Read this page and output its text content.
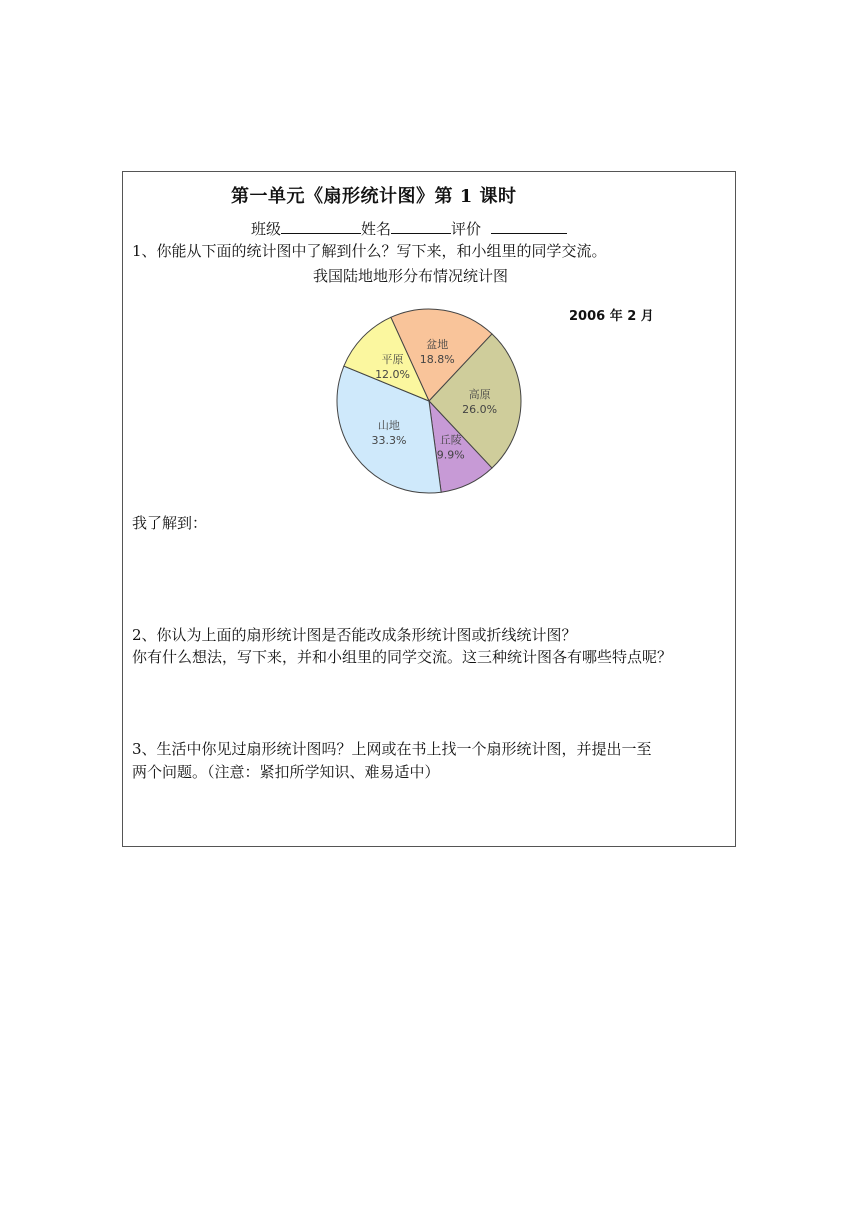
第一单元《扇形统计图》第 1 课时
班级	姓名	评价
1、你能从下面的统计图中了解到什么？写下来，和小组里的同学交流。
我国陆地地形分布情况统计图
2006 年 2 月
盆地
18.8%
高原
26.0%
丘陵
9.9%
山地
33.3%
平原
12.0%
我了解到：
2、你认为上面的扇形统计图是否能改成条形统计图或折线统计图？
你有什么想法，写下来，并和小组里的同学交流。这三种统计图各有哪些特点呢？
3、生活中你见过扇形统计图吗？上网或在书上找一个扇形统计图，并提出一至
两个问题。（注意：紧扣所学知识、难易适中）
